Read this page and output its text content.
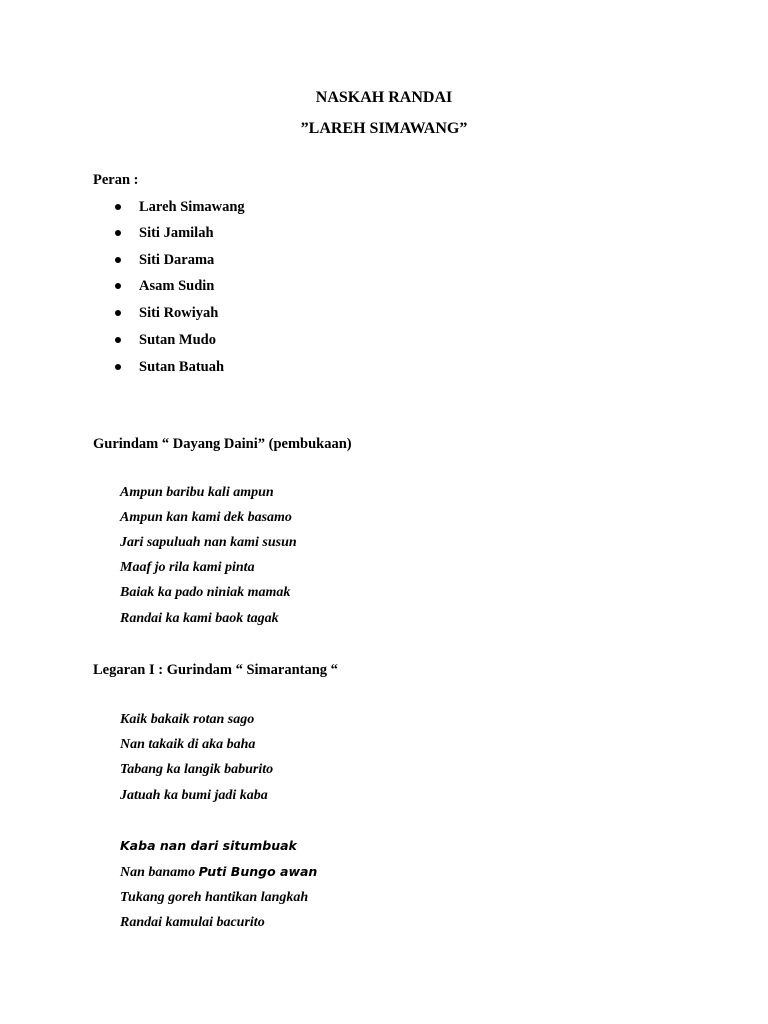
NASKAH RANDAI
”LAREH SIMAWANG”
Peran :
Lareh Simawang
Siti Jamilah
Siti Darama
Asam Sudin
Siti Rowiyah
Sutan Mudo
Sutan Batuah
Gurindam “ Dayang Daini” (pembukaan)
Ampun baribu kali ampun
Ampun kan kami dek basamo
Jari sapuluah nan kami susun
Maaf jo rila kami pinta
Baiak ka pado niniak mamak
Randai ka kami baok tagak
Legaran I : Gurindam “ Simarantang “
Kaik bakaik rotan sago
Nan takaik di aka baha
Tabang ka langik baburito
Jatuah ka bumi jadi kaba
Kaba nan dari situmbuak
Nan banamo Puti Bungo awan
Tukang goreh hantikan langkah
Randai kamulai bacurito
